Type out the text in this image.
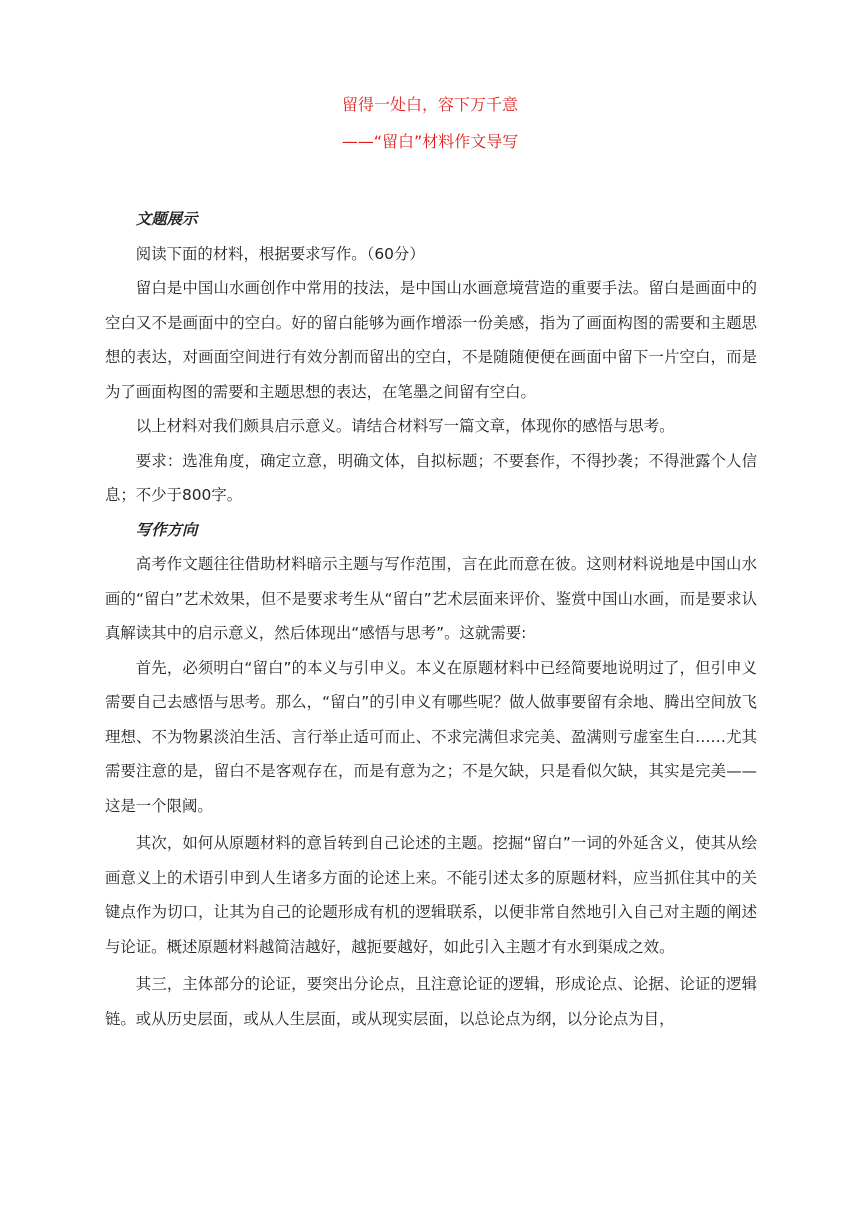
留得一处白，容下万千意
——“留白”材料作文导写
文题展示

阅读下面的材料，根据要求写作。（60分）

留白是中国山水画创作中常用的技法，是中国山水画意境营造的重要手法。留白是画面中的空白又不是画面中的空白。好的留白能够为画作增添一份美感，指为了画面构图的需要和主题思想的表达，对画面空间进行有效分割而留出的空白，不是随随便便在画面中留下一片空白，而是为了画面构图的需要和主题思想的表达，在笔墨之间留有空白。

以上材料对我们颇具启示意义。请结合材料写一篇文章，体现你的感悟与思考。

要求：选准角度，确定立意，明确文体，自拟标题；不要套作，不得抄袭；不得泄露个人信息；不少于800字。

写作方向

高考作文题往往借助材料暗示主题与写作范围，言在此而意在彼。这则材料说地是中国山水画的“留白”艺术效果，但不是要求考生从“留白”艺术层面来评价、鉴赏中国山水画，而是要求认真解读其中的启示意义，然后体现出“感悟与思考”。这就需要:

首先，必须明白“留白”的本义与引申义。本义在原题材料中已经简要地说明过了，但引申义需要自己去感悟与思考。那么，“留白”的引申义有哪些呢？做人做事要留有余地、腾出空间放飞理想、不为物累淡泊生活、言行举止适可而止、不求完满但求完美、盈满则亏虚室生白……尤其需要注意的是，留白不是客观存在，而是有意为之；不是欠缺，只是看似欠缺，其实是完美——这是一个限阈。

其次，如何从原题材料的意旨转到自己论述的主题。挖掘“留白”一词的外延含义，使其从绘画意义上的术语引申到人生诸多方面的论述上来。不能引述太多的原题材料，应当抓住其中的关键点作为切口，让其为自己的论题形成有机的逻辑联系，以便非常自然地引入自己对主题的阐述与论证。概述原题材料越简洁越好，越扼要越好，如此引入主题才有水到渠成之效。

其三，主体部分的论证，要突出分论点，且注意论证的逻辑，形成论点、论据、论证的逻辑链。或从历史层面，或从人生层面，或从现实层面，以总论点为纲，以分论点为目，
